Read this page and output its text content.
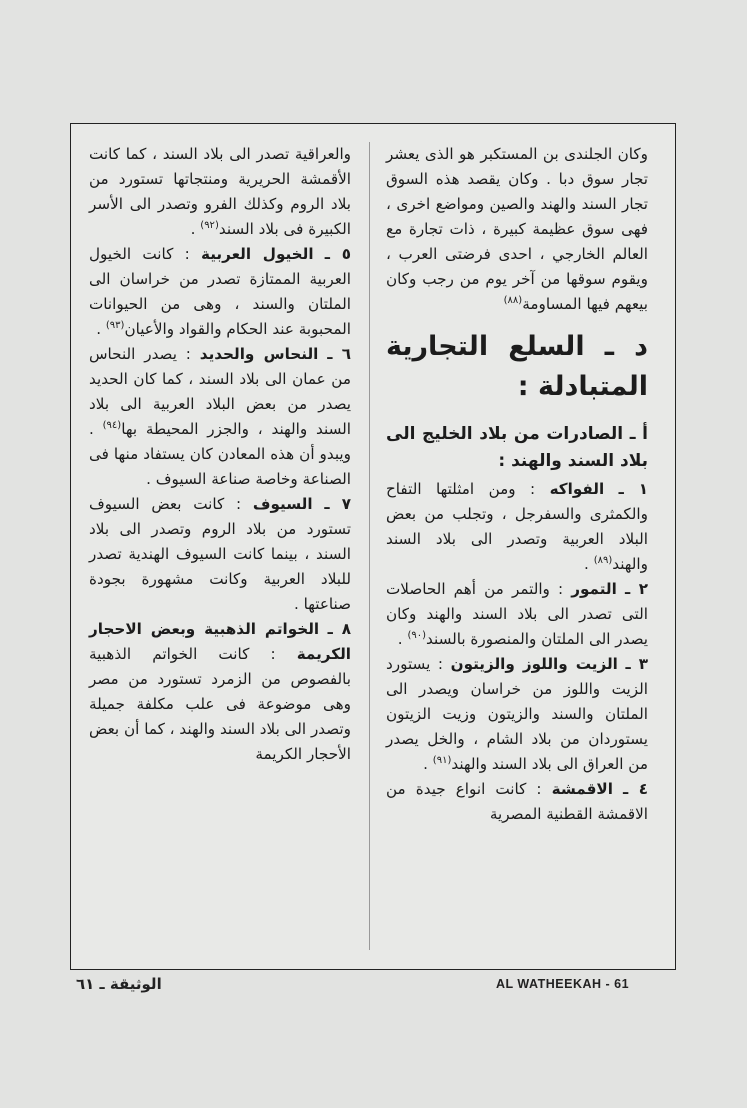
وكان الجلندى بن المستكبر هو الذى يعشر تجار سوق دبا . وكان يقصد هذه السوق تجار السند والهند والصين ومواضع اخرى ، فهى سوق عظيمة كبيرة ، ذات تجارة مع العالم الخارجي ، احدى فرضتى العرب ، ويقوم سوقها من آخر يوم من رجب وكان بيعهم فيها المساومة$^{(٨٨)}$

د ـ السلع التجارية المتبادلة :
أ ـ الصادرات من بلاد الخليج الى بلاد السند والهند :

١ ـ الفواكه : ومن امثلتها التفاح والكمثرى والسفرجل ، وتجلب من بعض البلاد العربية وتصدر الى بلاد السند والهند$^{(٨٩)}$ .

٢ ـ التمور : والتمر من أهم الحاصلات التى تصدر الى بلاد السند والهند وكان يصدر الى الملتان والمنصورة بالسند$^{(٩٠)}$ .

٣ ـ الزيت واللوز والزيتون : يستورد الزيت واللوز من خراسان ويصدر الى الملتان والسند والزيتون وزيت الزيتون يستوردان من بلاد الشام ، والخل يصدر من العراق الى بلاد السند والهند$^{(٩١)}$ .

٤ ـ الاقمشة : كانت انواع جيدة من الاقمشة القطنية المصرية

والعراقية تصدر الى بلاد السند ، كما كانت الأقمشة الحريرية ومنتجاتها تستورد من بلاد الروم وكذلك الفرو وتصدر الى الأسر الكبيرة فى بلاد السند$^{(٩٢)}$ .

٥ ـ الخيول العربية : كانت الخيول العربية الممتازة تصدر من خراسان الى الملتان والسند ، وهى من الحيوانات المحبوبة عند الحكام والقواد والأعيان$^{(٩٣)}$ .

٦ ـ النحاس والحديد : يصدر النحاس من عمان الى بلاد السند ، كما كان الحديد يصدر من بعض البلاد العربية الى بلاد السند والهند ، والجزر المحيطة بها$^{(٩٤)}$ . ويبدو أن هذه المعادن كان يستفاد منها فى الصناعة وخاصة صناعة السيوف .

٧ ـ السيوف : كانت بعض السيوف تستورد من بلاد الروم وتصدر الى بلاد السند ، بينما كانت السيوف الهندية تصدر للبلاد العربية وكانت مشهورة بجودة صناعتها .

٨ ـ الخواتم الذهبية وبعض الاحجار الكريمة : كانت الخواتم الذهبية بالفصوص من الزمرد تستورد من مصر وهى موضوعة فى علب مكلفة جميلة وتصدر الى بلاد السند والهند ، كما أن بعض الأحجار الكريمة

الوثيقة ـ ٦١	AL WATHEEKAH - 61
